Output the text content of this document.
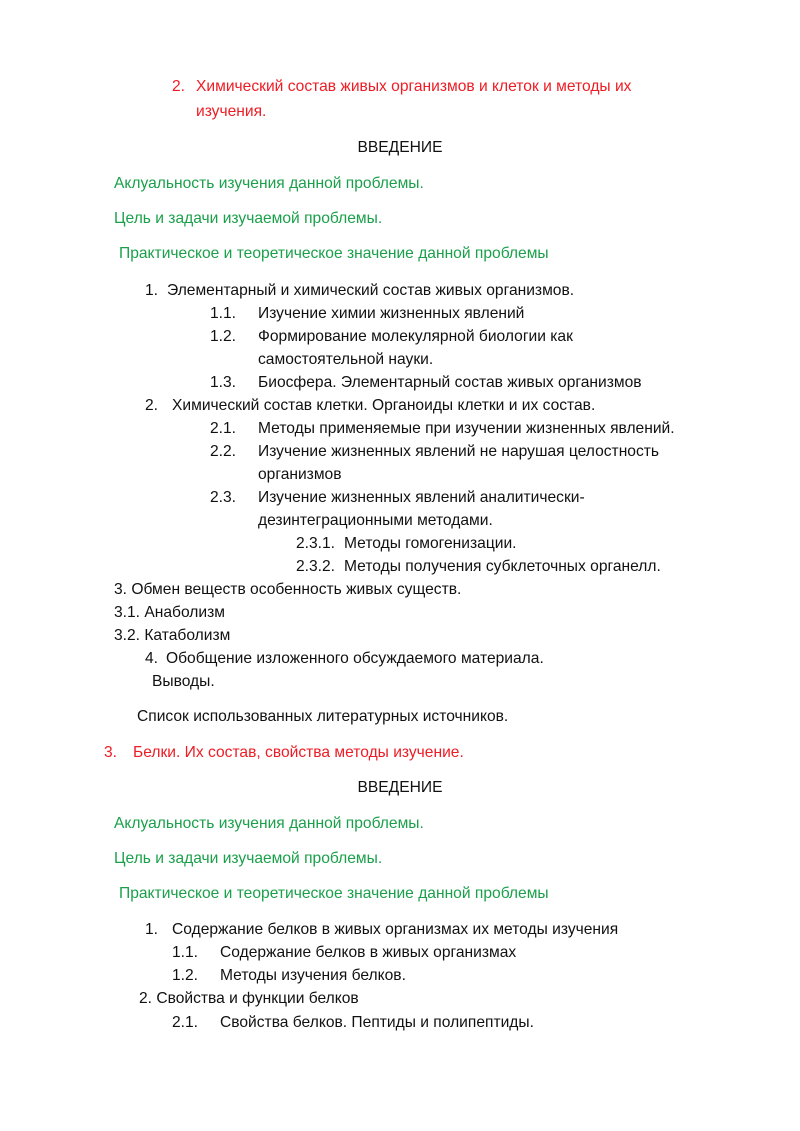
2. Химический состав живых организмов и клеток и методы их
изучения.
ВВЕДЕНИЕ
Аклуальность изучения данной проблемы.
Цель и задачи изучаемой проблемы.
Практическое и теоретическое значение данной проблемы
1. Элементарный и химический состав живых организмов.
1.1. Изучение химии жизненных явлений
1.2. Формирование молекулярной биологии как
самостоятельной науки.
1.3. Биосфера. Элементарный состав живых организмов
2. Химический состав клетки. Органоиды клетки и их состав.
2.1. Методы применяемые при изучении жизненных явлений.
2.2. Изучение жизненных явлений не нарушая целостность
организмов
2.3. Изучение жизненных явлений аналитически-
дезинтеграционными методами.
2.3.1. Методы гомогенизации.
2.3.2. Методы получения субклеточных органелл.
3. Обмен веществ особенность живых существ.
3.1. Анаболизм
3.2. Катаболизм
4. Обобщение изложенного обсуждаемого материала.
Выводы.
Список использованных литературных источников.
3. Белки. Их состав, свойства методы изучение.
ВВЕДЕНИЕ
Аклуальность изучения данной проблемы.
Цель и задачи изучаемой проблемы.
Практическое и теоретическое значение данной проблемы
1. Содержание белков в живых организмах их методы изучения
1.1. Содержание белков в живых организмах
1.2. Методы изучения белков.
2. Свойства и функции белков
2.1. Свойства белков. Пептиды и полипептиды.
